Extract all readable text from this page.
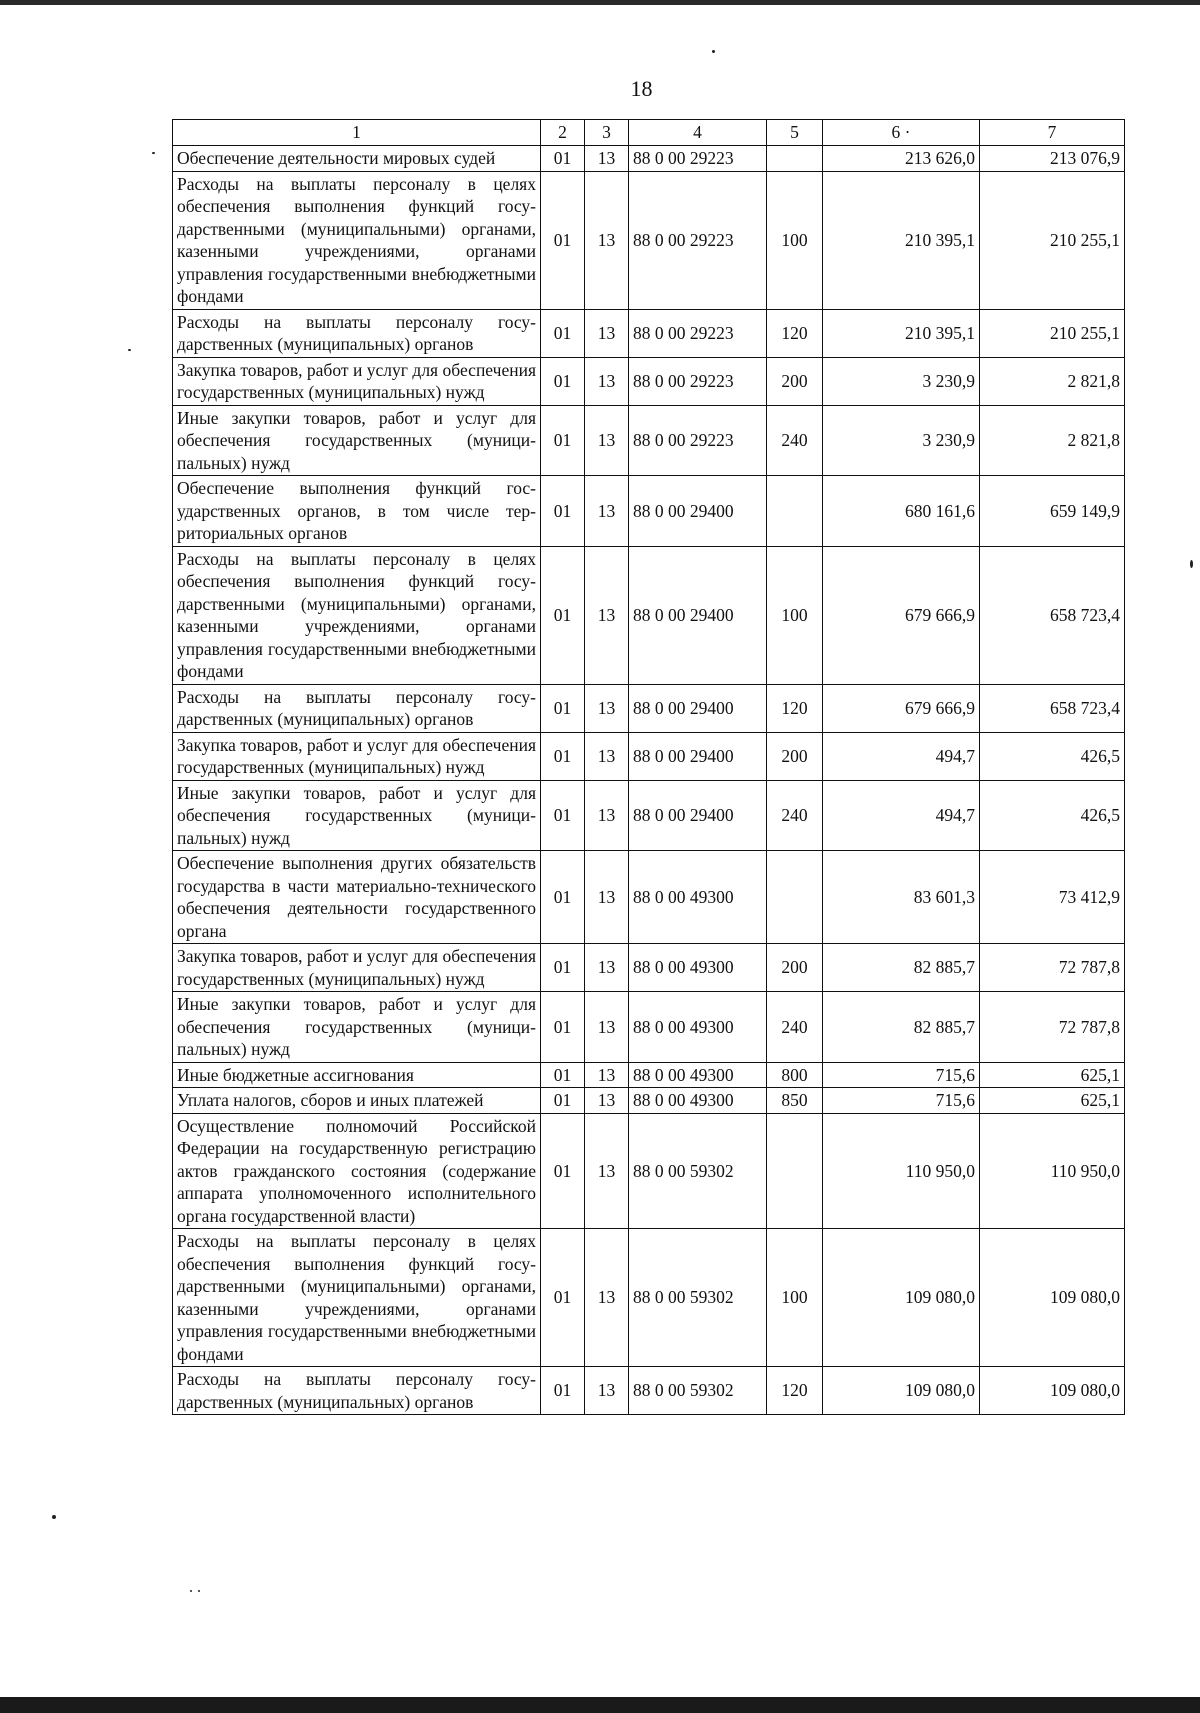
18
1	2	3	4	5	6 ·	7
Обеспечение деятельности мировых судей	01	13	88 0 00 29223		213 626,0	213 076,9
Расходы на выплаты персоналу в целях обеспечения выполнения функций государственными (муниципальными) органами, казенными учреждениями, органами управления государственными внебюджетными фондами	01	13	88 0 00 29223	100	210 395,1	210 255,1
Расходы на выплаты персоналу государственных (муниципальных) органов	01	13	88 0 00 29223	120	210 395,1	210 255,1
Закупка товаров, работ и услуг для обеспечения государственных (муниципальных) нужд	01	13	88 0 00 29223	200	3 230,9	2 821,8
Иные закупки товаров, работ и услуг для обеспечения государственных (муниципальных) нужд	01	13	88 0 00 29223	240	3 230,9	2 821,8
Обеспечение выполнения функций государственных органов, в том числе территориальных органов	01	13	88 0 00 29400		680 161,6	659 149,9
Расходы на выплаты персоналу в целях обеспечения выполнения функций государственными (муниципальными) органами, казенными учреждениями, органами управления государственными внебюджетными фондами	01	13	88 0 00 29400	100	679 666,9	658 723,4
Расходы на выплаты персоналу государственных (муниципальных) органов	01	13	88 0 00 29400	120	679 666,9	658 723,4
Закупка товаров, работ и услуг для обеспечения государственных (муниципальных) нужд	01	13	88 0 00 29400	200	494,7	426,5
Иные закупки товаров, работ и услуг для обеспечения государственных (муниципальных) нужд	01	13	88 0 00 29400	240	494,7	426,5
Обеспечение выполнения других обязательств государства в части материально-технического обеспечения деятельности государственного органа	01	13	88 0 00 49300		83 601,3	73 412,9
Закупка товаров, работ и услуг для обеспечения государственных (муниципальных) нужд	01	13	88 0 00 49300	200	82 885,7	72 787,8
Иные закупки товаров, работ и услуг для обеспечения государственных (муниципальных) нужд	01	13	88 0 00 49300	240	82 885,7	72 787,8
Иные бюджетные ассигнования	01	13	88 0 00 49300	800	715,6	625,1
Уплата налогов, сборов и иных платежей	01	13	88 0 00 49300	850	715,6	625,1
Осуществление полномочий Российской Федерации на государственную регистрацию актов гражданского состояния (содержание аппарата уполномоченного исполнительного органа государственной власти)	01	13	88 0 00 59302		110 950,0	110 950,0
Расходы на выплаты персоналу в целях обеспечения выполнения функций государственными (муниципальными) органами, казенными учреждениями, органами управления государственными внебюджетными фондами	01	13	88 0 00 59302	100	109 080,0	109 080,0
Расходы на выплаты персоналу государственных (муниципальных) органов	01	13	88 0 00 59302	120	109 080,0	109 080,0
